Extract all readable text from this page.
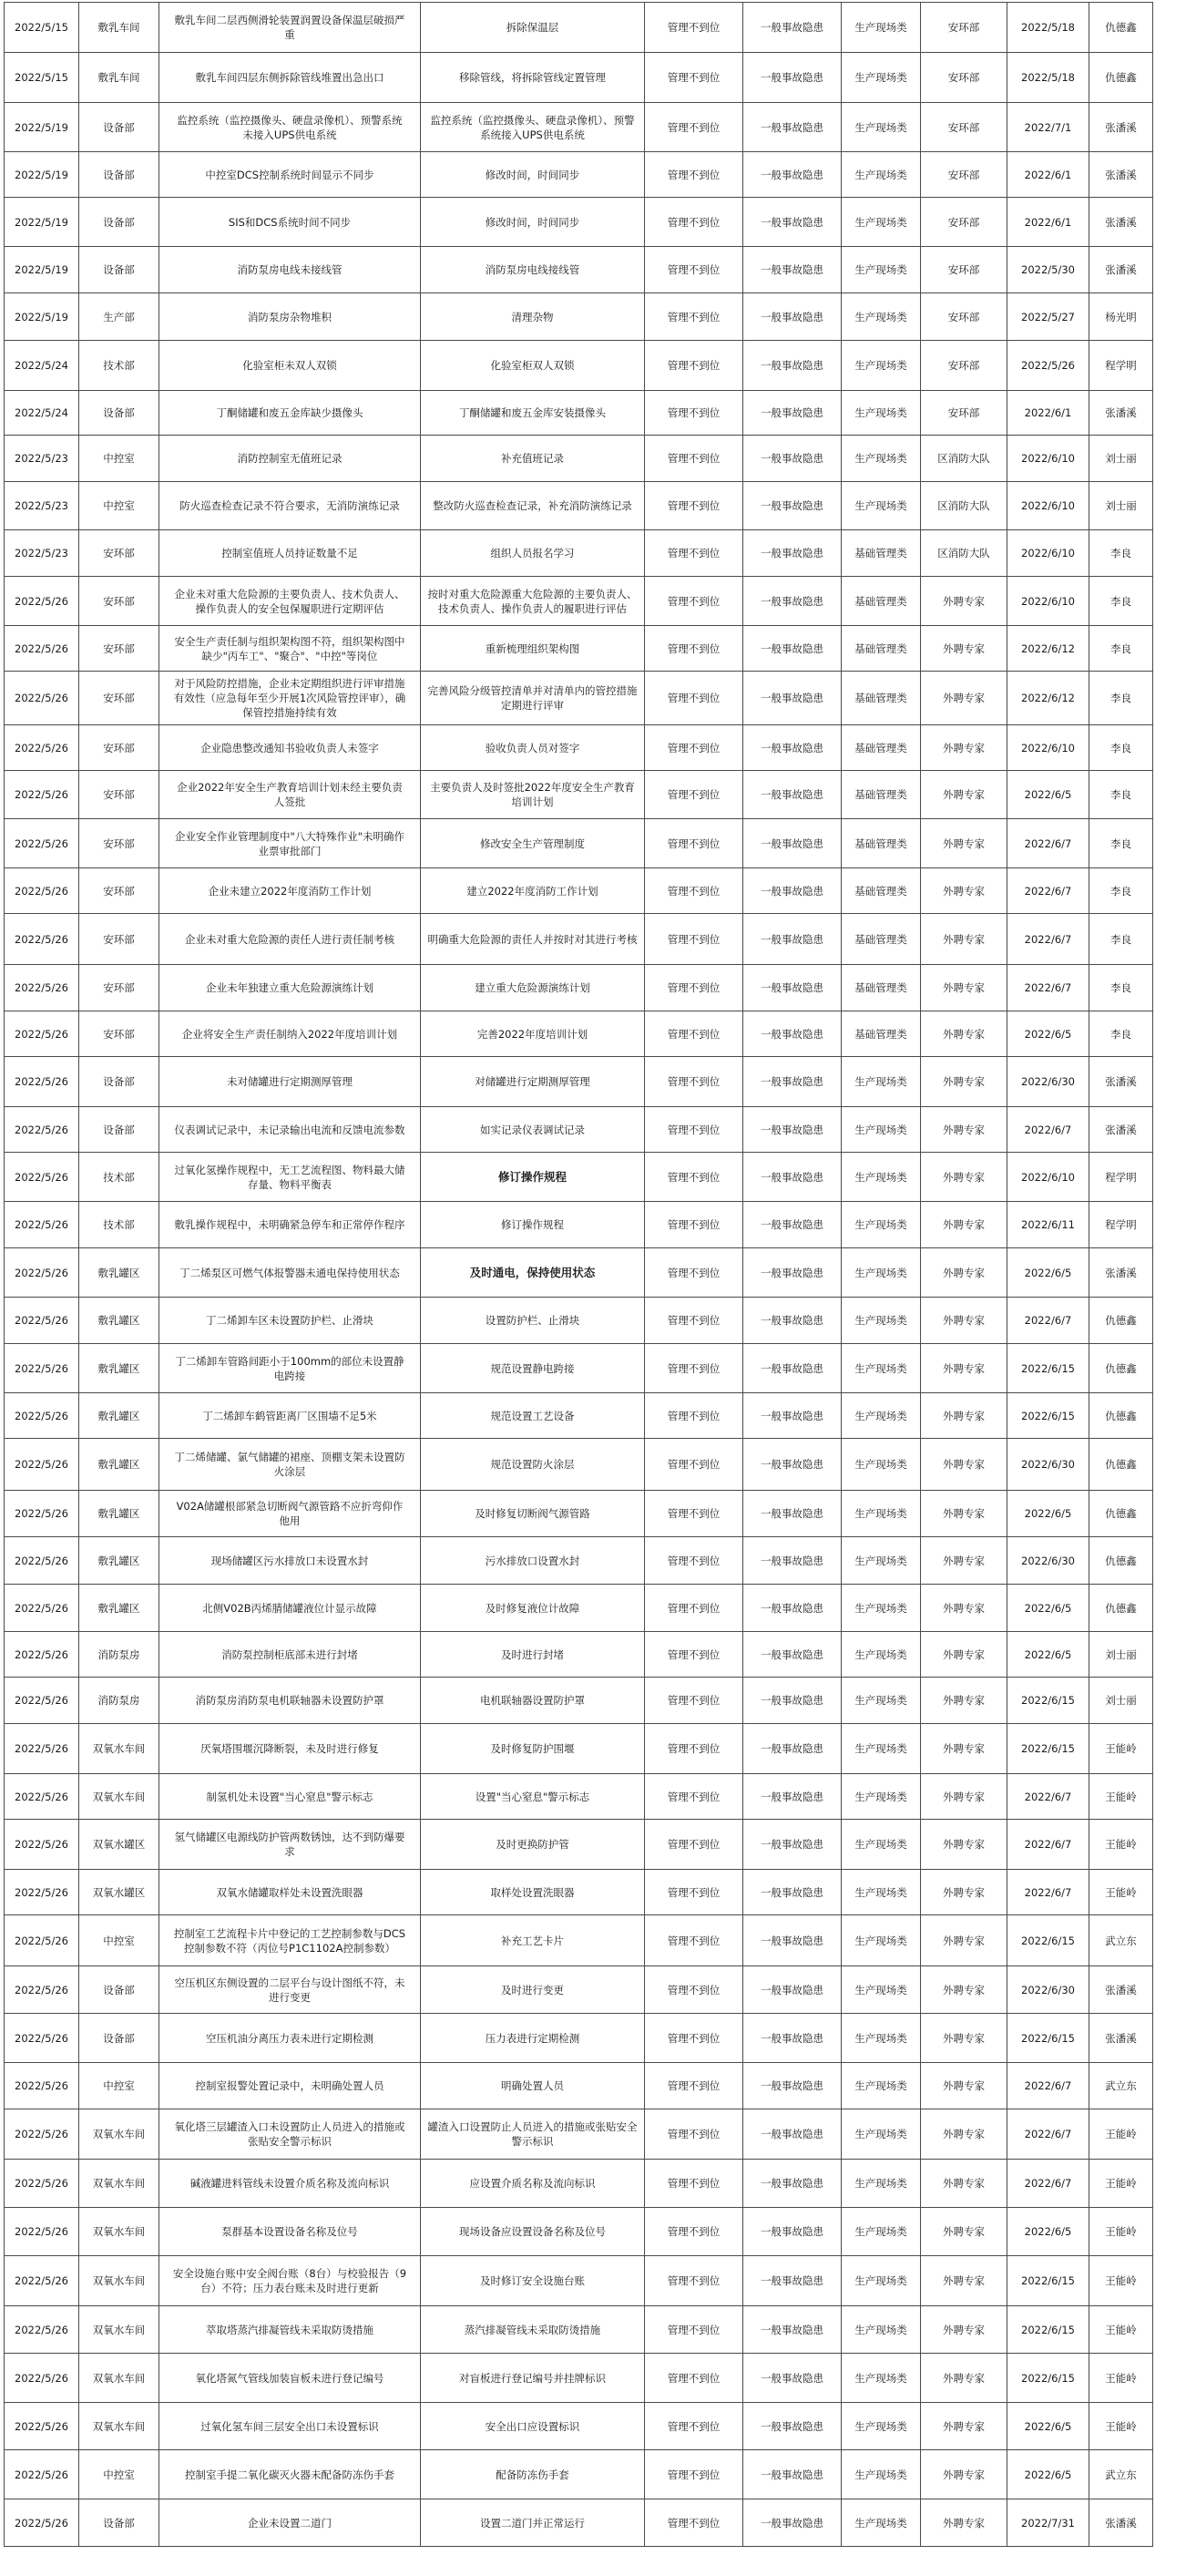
2022/5/15	敷乳车间	敷乳车间二层西侧滑轮装置润置设备保温层破损严重	拆除保温层	管理不到位	一般事故隐患	生产现场类	安环部	2022/5/18	仇德鑫
2022/5/15	敷乳车间	敷乳车间四层东侧拆除管线堆置出急出口	移除管线，将拆除管线定置管理	管理不到位	一般事故隐患	生产现场类	安环部	2022/5/18	仇德鑫
2022/5/19	设备部	监控系统（监控摄像头、硬盘录像机）、预警系统未接入UPS供电系统	监控系统（监控摄像头、硬盘录像机）、预警系统接入UPS供电系统	管理不到位	一般事故隐患	生产现场类	安环部	2022/7/1	张潘溪
2022/5/19	设备部	中控室DCS控制系统时间显示不同步	修改时间，时间同步	管理不到位	一般事故隐患	生产现场类	安环部	2022/6/1	张潘溪
2022/5/19	设备部	SIS和DCS系统时间不同步	修改时间，时间同步	管理不到位	一般事故隐患	生产现场类	安环部	2022/6/1	张潘溪
2022/5/19	设备部	消防泵房电线未接线管	消防泵房电线接线管	管理不到位	一般事故隐患	生产现场类	安环部	2022/5/30	张潘溪
2022/5/19	生产部	消防泵房杂物堆积	清理杂物	管理不到位	一般事故隐患	生产现场类	安环部	2022/5/27	杨光明
2022/5/24	技术部	化验室柜未双人双锁	化验室柜双人双锁	管理不到位	一般事故隐患	生产现场类	安环部	2022/5/26	程学明
2022/5/24	设备部	丁酮储罐和废五金库缺少摄像头	丁酮储罐和废五金库安装摄像头	管理不到位	一般事故隐患	生产现场类	安环部	2022/6/1	张潘溪
2022/5/23	中控室	消防控制室无值班记录	补充值班记录	管理不到位	一般事故隐患	生产现场类	区消防大队	2022/6/10	刘士丽
2022/5/23	中控室	防火巡查检查记录不符合要求，无消防演练记录	整改防火巡查检查记录，补充消防演练记录	管理不到位	一般事故隐患	生产现场类	区消防大队	2022/6/10	刘士丽
2022/5/23	安环部	控制室值班人员持证数量不足	组织人员报名学习	管理不到位	一般事故隐患	基础管理类	区消防大队	2022/6/10	李良
2022/5/26	安环部	企业未对重大危险源的主要负责人、技术负责人、操作负责人的安全包保履职进行定期评估	按时对重大危险源重大危险源的主要负责人、技术负责人、操作负责人的履职进行评估	管理不到位	一般事故隐患	基础管理类	外聘专家	2022/6/10	李良
2022/5/26	安环部	安全生产责任制与组织架构图不符，组织架构图中缺少"丙车工"、"聚合"、"中控"等岗位	重新梳理组织架构图	管理不到位	一般事故隐患	基础管理类	外聘专家	2022/6/12	李良
2022/5/26	安环部	对于风险防控措施，企业未定期组织进行评审措施有效性（应急每年至少开展1次风险管控评审），确保管控措施持续有效	完善风险分级管控清单并对清单内的管控措施定期进行评审	管理不到位	一般事故隐患	基础管理类	外聘专家	2022/6/12	李良
2022/5/26	安环部	企业隐患整改通知书验收负责人未签字	验收负责人员对签字	管理不到位	一般事故隐患	基础管理类	外聘专家	2022/6/10	李良
2022/5/26	安环部	企业2022年安全生产教育培训计划未经主要负责人签批	主要负责人及时签批2022年度安全生产教育培训计划	管理不到位	一般事故隐患	基础管理类	外聘专家	2022/6/5	李良
2022/5/26	安环部	企业安全作业管理制度中"八大特殊作业"未明确作业票审批部门	修改安全生产管理制度	管理不到位	一般事故隐患	基础管理类	外聘专家	2022/6/7	李良
2022/5/26	安环部	企业未建立2022年度消防工作计划	建立2022年度消防工作计划	管理不到位	一般事故隐患	基础管理类	外聘专家	2022/6/7	李良
2022/5/26	安环部	企业未对重大危险源的责任人进行责任制考核	明确重大危险源的责任人并按时对其进行考核	管理不到位	一般事故隐患	基础管理类	外聘专家	2022/6/7	李良
2022/5/26	安环部	企业未年独建立重大危险源演练计划	建立重大危险源演练计划	管理不到位	一般事故隐患	基础管理类	外聘专家	2022/6/7	李良
2022/5/26	安环部	企业将安全生产责任制纳入2022年度培训计划	完善2022年度培训计划	管理不到位	一般事故隐患	基础管理类	外聘专家	2022/6/5	李良
2022/5/26	设备部	未对储罐进行定期测厚管理	对储罐进行定期测厚管理	管理不到位	一般事故隐患	生产现场类	外聘专家	2022/6/30	张潘溪
2022/5/26	设备部	仪表调试记录中，未记录输出电流和反馈电流参数	如实记录仪表调试记录	管理不到位	一般事故隐患	生产现场类	外聘专家	2022/6/7	张潘溪
2022/5/26	技术部	过氧化氢操作规程中，无工艺流程图、物料最大储存量、物料平衡表	修订操作规程	管理不到位	一般事故隐患	生产现场类	外聘专家	2022/6/10	程学明
2022/5/26	技术部	敷乳操作规程中，未明确紧急停车和正常停作程序	修订操作规程	管理不到位	一般事故隐患	生产现场类	外聘专家	2022/6/11	程学明
2022/5/26	敷乳罐区	丁二烯泵区可燃气体报警器未通电保持使用状态	及时通电，保持使用状态	管理不到位	一般事故隐患	生产现场类	外聘专家	2022/6/5	张潘溪
2022/5/26	敷乳罐区	丁二烯卸车区未设置防护栏、止滑块	设置防护栏、止滑块	管理不到位	一般事故隐患	生产现场类	外聘专家	2022/6/7	仇德鑫
2022/5/26	敷乳罐区	丁二烯卸车管路间距小于100mm的部位未设置静电跨接	规范设置静电跨接	管理不到位	一般事故隐患	生产现场类	外聘专家	2022/6/15	仇德鑫
2022/5/26	敷乳罐区	丁二烯卸车鹤管距离厂区围墙不足5米	规范设置工艺设备	管理不到位	一般事故隐患	生产现场类	外聘专家	2022/6/15	仇德鑫
2022/5/26	敷乳罐区	丁二烯储罐、氯气储罐的裙座、顶棚支架未设置防火涂层	规范设置防火涂层	管理不到位	一般事故隐患	生产现场类	外聘专家	2022/6/30	仇德鑫
2022/5/26	敷乳罐区	V02A储罐根部紧急切断阀气源管路不应折弯仰作他用	及时修复切断阀气源管路	管理不到位	一般事故隐患	生产现场类	外聘专家	2022/6/5	仇德鑫
2022/5/26	敷乳罐区	现场储罐区污水排放口未设置水封	污水排放口设置水封	管理不到位	一般事故隐患	生产现场类	外聘专家	2022/6/30	仇德鑫
2022/5/26	敷乳罐区	北侧V02B丙烯腈储罐液位计显示故障	及时修复液位计故障	管理不到位	一般事故隐患	生产现场类	外聘专家	2022/6/5	仇德鑫
2022/5/26	消防泵房	消防泵控制柜底部未进行封堵	及时进行封堵	管理不到位	一般事故隐患	生产现场类	外聘专家	2022/6/5	刘士丽
2022/5/26	消防泵房	消防泵房消防泵电机联轴器未设置防护罩	电机联轴器设置防护罩	管理不到位	一般事故隐患	生产现场类	外聘专家	2022/6/15	刘士丽
2022/5/26	双氧水车间	厌氧塔围堰沉降断裂，未及时进行修复	及时修复防护围堰	管理不到位	一般事故隐患	生产现场类	外聘专家	2022/6/15	王能岭
2022/5/26	双氧水车间	制氢机处未设置"当心窒息"警示标志	设置"当心窒息"警示标志	管理不到位	一般事故隐患	生产现场类	外聘专家	2022/6/7	王能岭
2022/5/26	双氧水罐区	氢气储罐区电源线防护管两数锈蚀，达不到防爆要求	及时更换防护管	管理不到位	一般事故隐患	生产现场类	外聘专家	2022/6/7	王能岭
2022/5/26	双氧水罐区	双氧水储罐取样处未设置洗眼器	取样处设置洗眼器	管理不到位	一般事故隐患	生产现场类	外聘专家	2022/6/7	王能岭
2022/5/26	中控室	控制室工艺流程卡片中登记的工艺控制参数与DCS控制参数不符（丙位号P1C1102A控制参数）	补充工艺卡片	管理不到位	一般事故隐患	生产现场类	外聘专家	2022/6/15	武立东
2022/5/26	设备部	空压机区东侧设置的二层平台与设计图纸不符，未进行变更	及时进行变更	管理不到位	一般事故隐患	生产现场类	外聘专家	2022/6/30	张潘溪
2022/5/26	设备部	空压机油分离压力表未进行定期检测	压力表进行定期检测	管理不到位	一般事故隐患	生产现场类	外聘专家	2022/6/15	张潘溪
2022/5/26	中控室	控制室报警处置记录中，未明确处置人员	明确处置人员	管理不到位	一般事故隐患	生产现场类	外聘专家	2022/6/7	武立东
2022/5/26	双氧水车间	氧化塔三层罐渣入口未设置防止人员进入的措施或张贴安全警示标识	罐渣入口设置防止人员进入的措施或张贴安全警示标识	管理不到位	一般事故隐患	生产现场类	外聘专家	2022/6/7	王能岭
2022/5/26	双氧水车间	碱液罐进料管线未设置介质名称及流向标识	应设置介质名称及流向标识	管理不到位	一般事故隐患	生产现场类	外聘专家	2022/6/7	王能岭
2022/5/26	双氧水车间	泵群基本设置设备名称及位号	现场设备应设置设备名称及位号	管理不到位	一般事故隐患	生产现场类	外聘专家	2022/6/5	王能岭
2022/5/26	双氧水车间	安全设施台账中安全阀台账（8台）与校验报告（9台）不符；压力表台账未及时进行更新	及时修订安全设施台账	管理不到位	一般事故隐患	生产现场类	外聘专家	2022/6/15	王能岭
2022/5/26	双氧水车间	萃取塔蒸汽排凝管线未采取防烫措施	蒸汽排凝管线未采取防烫措施	管理不到位	一般事故隐患	生产现场类	外聘专家	2022/6/15	王能岭
2022/5/26	双氧水车间	氧化塔氮气管线加装盲板未进行登记编号	对盲板进行登记编号并挂牌标识	管理不到位	一般事故隐患	生产现场类	外聘专家	2022/6/15	王能岭
2022/5/26	双氧水车间	过氧化氢车间三层安全出口未设置标识	安全出口应设置标识	管理不到位	一般事故隐患	生产现场类	外聘专家	2022/6/5	王能岭
2022/5/26	中控室	控制室手提二氧化碳灭火器未配备防冻伤手套	配备防冻伤手套	管理不到位	一般事故隐患	生产现场类	外聘专家	2022/6/5	武立东
2022/5/26	设备部	企业未设置二道门	设置二道门并正常运行	管理不到位	一般事故隐患	生产现场类	外聘专家	2022/7/31	张潘溪
